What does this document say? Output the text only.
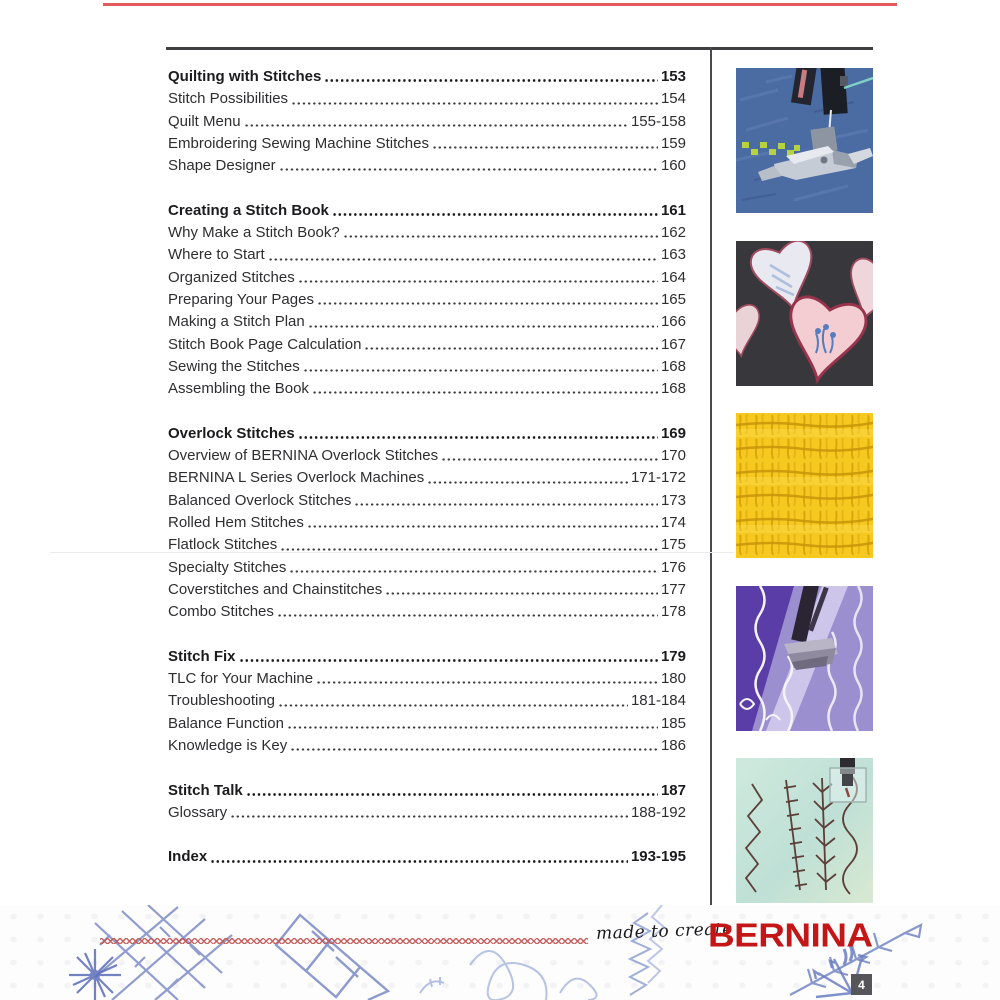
Quilting with Stitches	153
Stitch Possibilities	154
Quilt Menu	155-158
Embroidering Sewing Machine Stitches	159
Shape Designer	160
Creating a Stitch Book	161
Why Make a Stitch Book?	162
Where to Start	163
Organized Stitches	164
Preparing Your Pages	165
Making a Stitch Plan	166
Stitch Book Page Calculation	167
Sewing the Stitches	168
Assembling the Book	168
Overlock Stitches	169
Overview of BERNINA Overlock Stitches	170
BERNINA L Series Overlock Machines	171-172
Balanced Overlock Stitches	173
Rolled Hem Stitches	174
Flatlock Stitches	175
Specialty Stitches	176
Coverstitches and Chainstitches	177
Combo Stitches	178
Stitch Fix	179
TLC for Your Machine	180
Troubleshooting	181-184
Balance Function	185
Knowledge is Key	186
Stitch Talk	187
Glossary	188-192
Index	193-195
made to create
BERNINA
4
